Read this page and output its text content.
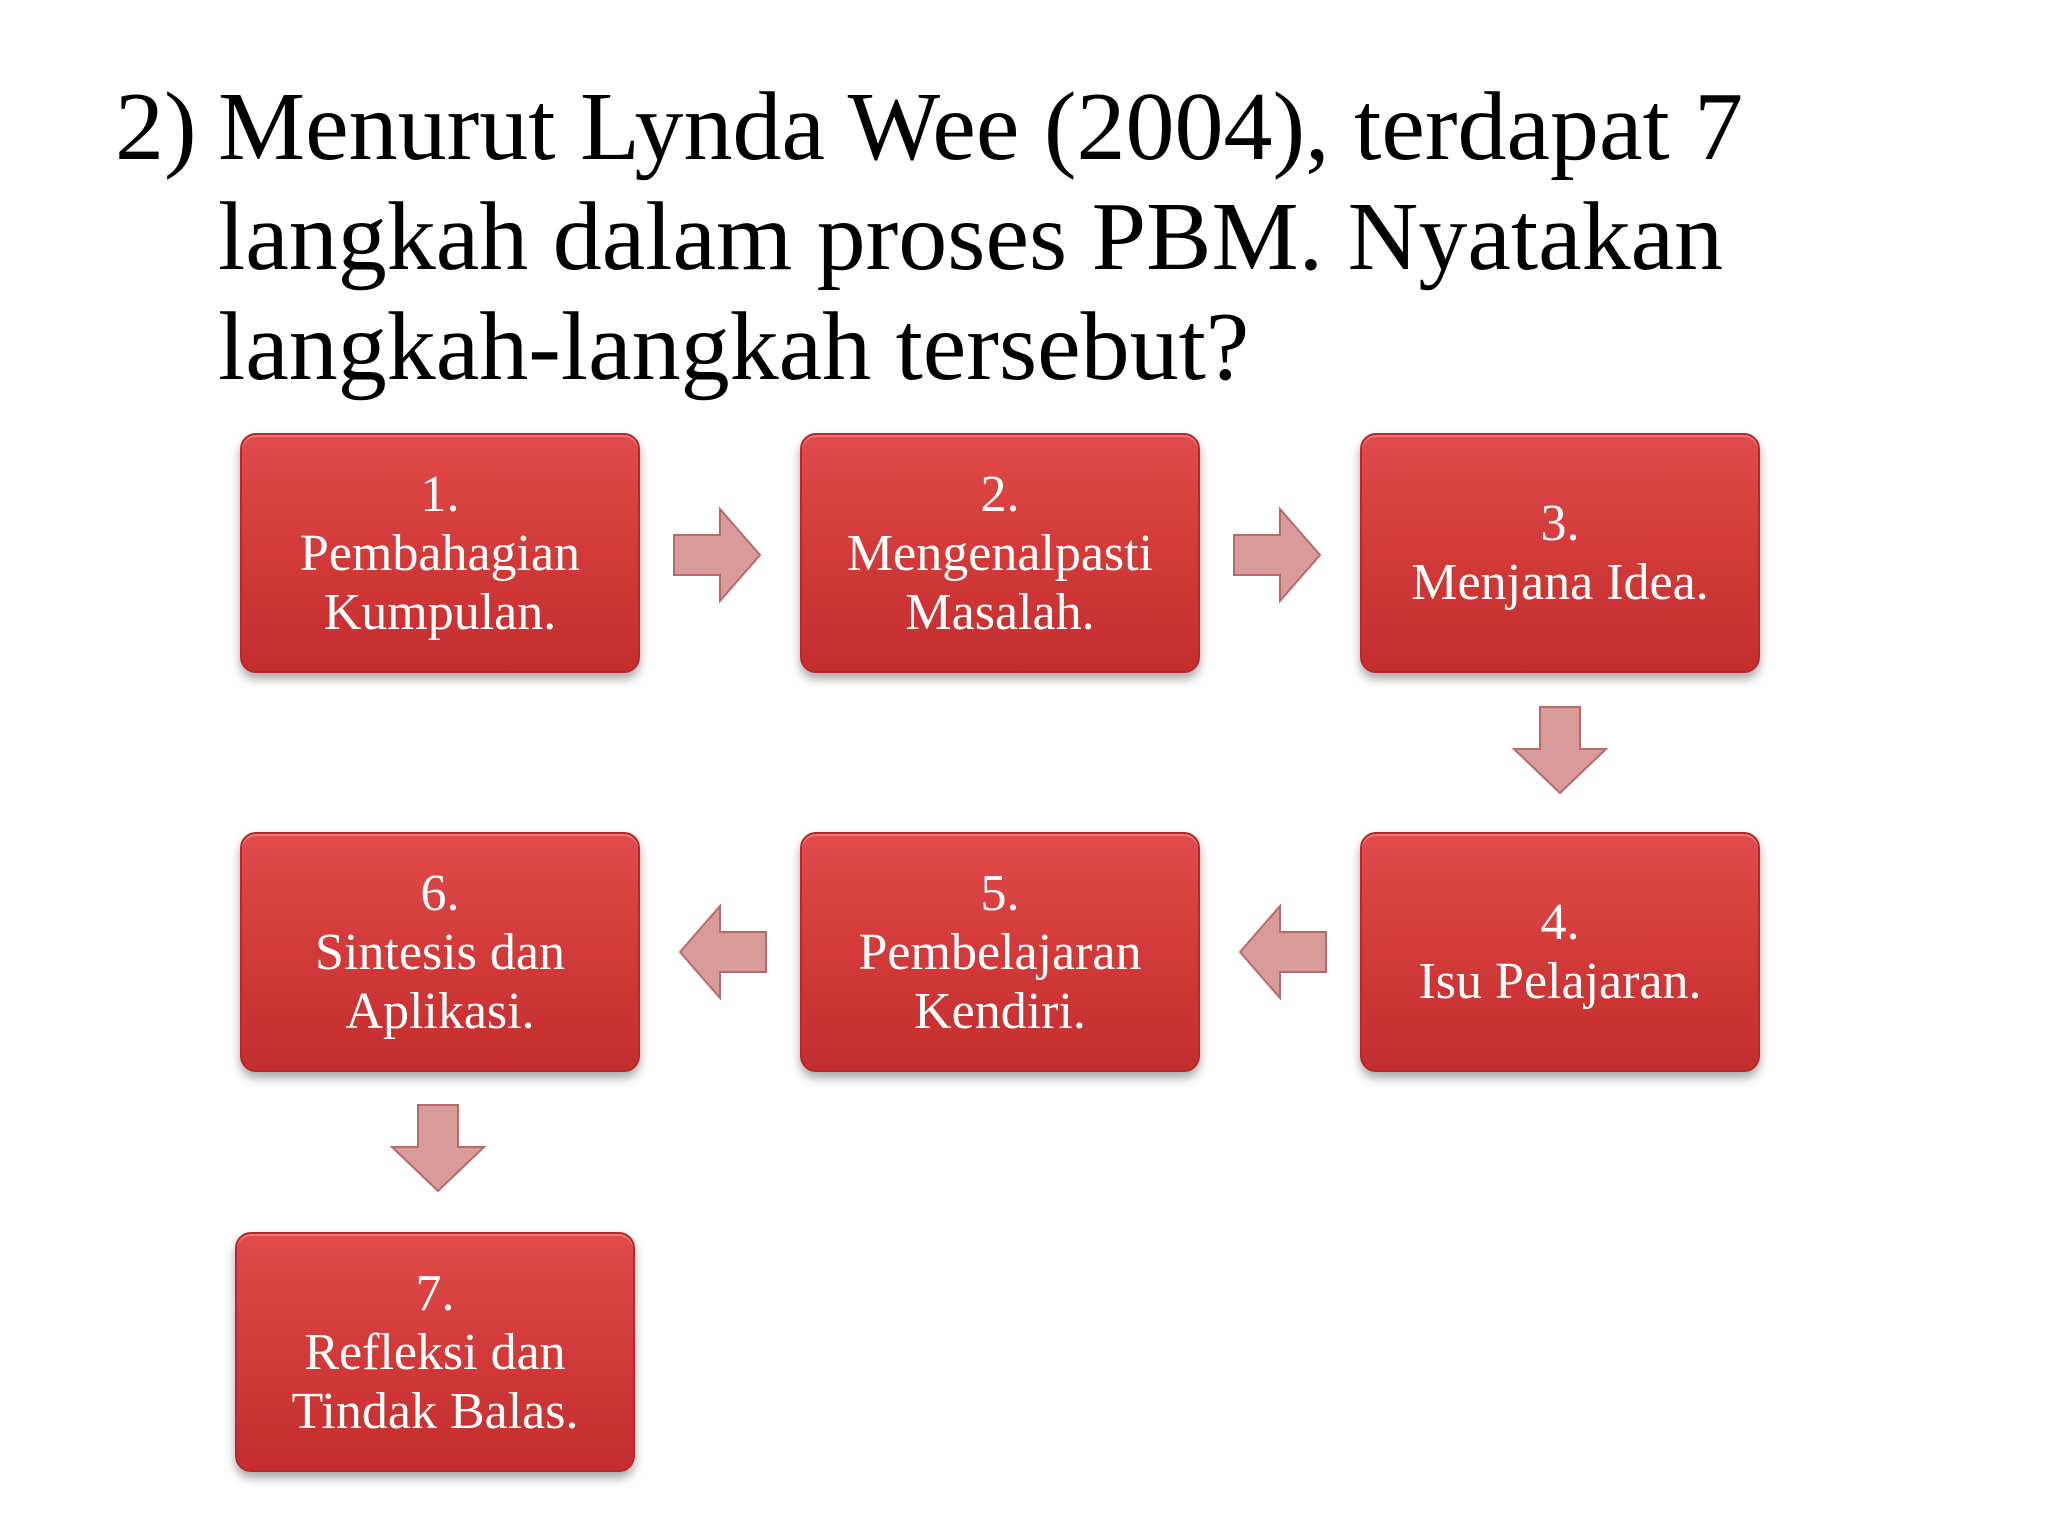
2) Menurut Lynda Wee (2004), terdapat 7
langkah dalam proses PBM. Nyatakan
langkah-langkah tersebut?
1.
Pembahagian
Kumpulan.
2.
Mengenalpasti
Masalah.
3.
Menjana Idea.
4.
Isu Pelajaran.
5.
Pembelajaran
Kendiri.
6.
Sintesis dan
Aplikasi.
7.
Refleksi dan
Tindak Balas.
